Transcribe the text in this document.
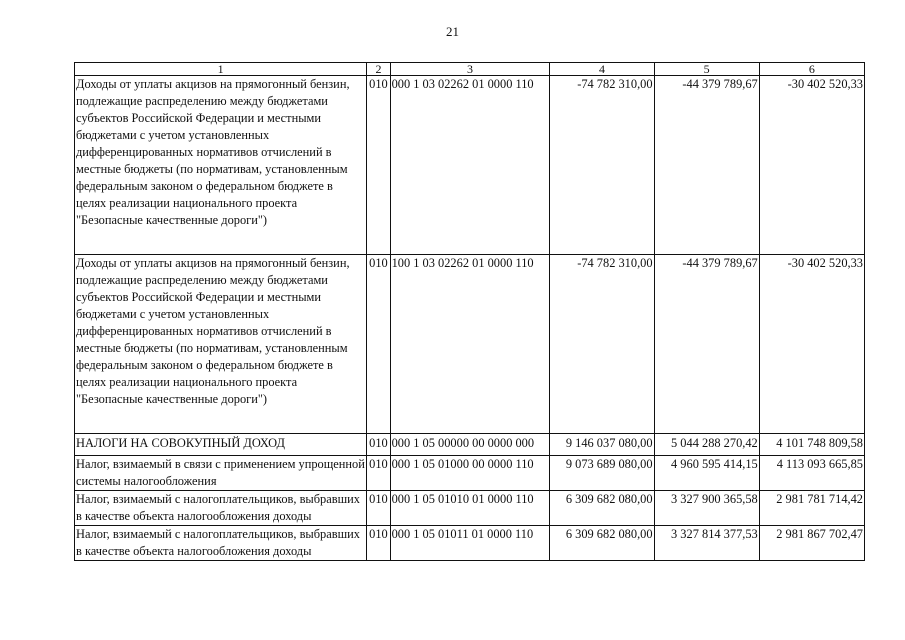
21
1	2	3	4	5	6
Доходы от уплаты акцизов на прямогонный бензин, подлежащие распределению между бюджетами субъектов Российской Федерации и местными бюджетами с учетом установленных дифференцированных нормативов отчислений в местные бюджеты (по нормативам, установленным федеральным законом о федеральном бюджете в целях реализации национального проекта "Безопасные качественные дороги")	010	000 1 03 02262 01 0000 110	-74 782 310,00	-44 379 789,67	-30 402 520,33
Доходы от уплаты акцизов на прямогонный бензин, подлежащие распределению между бюджетами субъектов Российской Федерации и местными бюджетами с учетом установленных дифференцированных нормативов отчислений в местные бюджеты (по нормативам, установленным федеральным законом о федеральном бюджете в целях реализации национального проекта "Безопасные качественные дороги")	010	100 1 03 02262 01 0000 110	-74 782 310,00	-44 379 789,67	-30 402 520,33
НАЛОГИ НА СОВОКУПНЫЙ ДОХОД	010	000 1 05 00000 00 0000 000	9 146 037 080,00	5 044 288 270,42	4 101 748 809,58
Налог, взимаемый в связи с применением упрощенной системы налогообложения	010	000 1 05 01000 00 0000 110	9 073 689 080,00	4 960 595 414,15	4 113 093 665,85
Налог, взимаемый с налогоплательщиков, выбравших в качестве объекта налогообложения доходы	010	000 1 05 01010 01 0000 110	6 309 682 080,00	3 327 900 365,58	2 981 781 714,42
Налог, взимаемый с налогоплательщиков, выбравших в качестве объекта налогообложения доходы	010	000 1 05 01011 01 0000 110	6 309 682 080,00	3 327 814 377,53	2 981 867 702,47
